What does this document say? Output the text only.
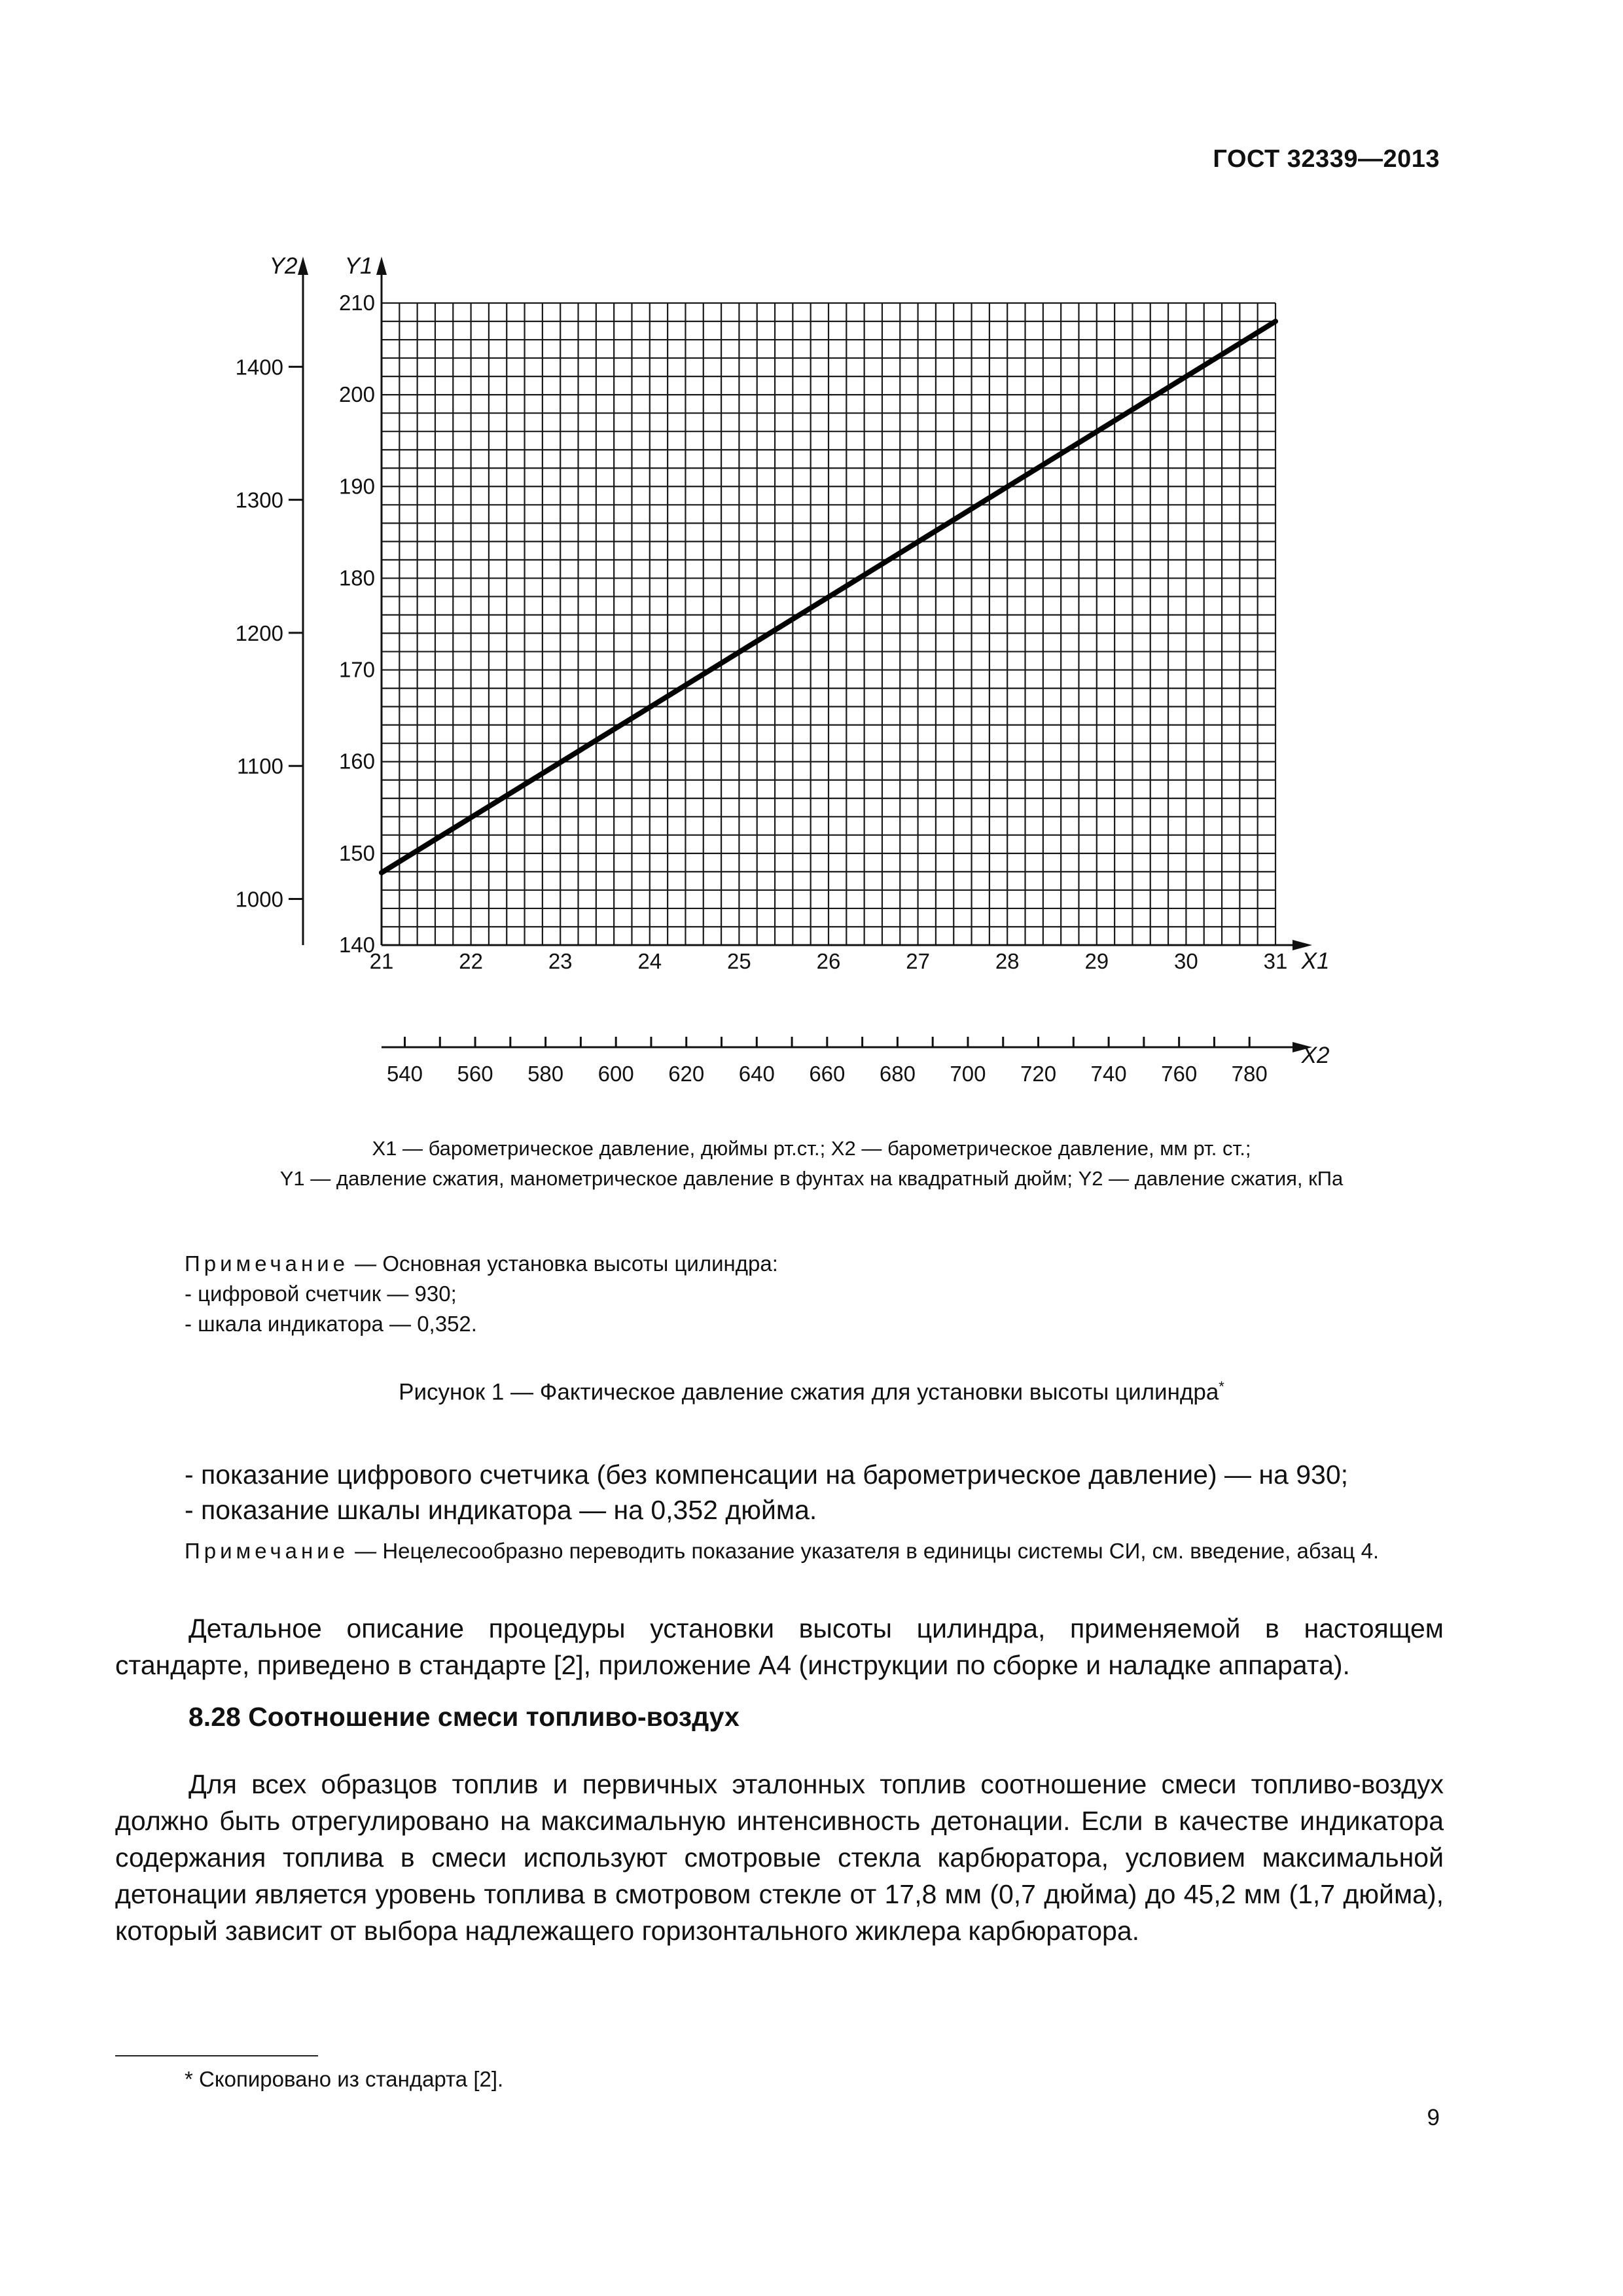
ГОСТ 32339—2013
140
150
160
170
180
190
200
210
1000
1100
1200
1300
1400
21	22	23	24	25	26	27	28	29	30	31
540 560 580 600 620 640 660 680 700 720 740 760 780
Y1
Y2
X1
X2
X1 — барометрическое давление, дюймы рт.ст.; X2 — барометрическое давление, мм рт. ст.;
Y1 — давление сжатия, манометрическое давление в фунтах на квадратный дюйм; Y2 — давление сжатия, кПа
Примечание — Основная установка высоты цилиндра:
- цифровой счетчик — 930;
- шкала индикатора — 0,352.
Рисунок 1 — Фактическое давление сжатия для установки высоты цилиндра*
- показание цифрового счетчика (без компенсации на барометрическое давление) — на 930;
- показание шкалы индикатора — на 0,352 дюйма.
Примечание — Нецелесообразно переводить показание указателя в единицы системы СИ, см. введение, абзац 4.
Детальное описание процедуры установки высоты цилиндра, применяемой в настоящем стандарте, приведено в стандарте [2], приложение А4 (инструкции по сборке и наладке аппарата).
8.28 Соотношение смеси топливо-воздух
Для всех образцов топлив и первичных эталонных топлив соотношение смеси топливо-воздух должно быть отрегулировано на максимальную интенсивность детонации. Если в качестве индикатора содержания топлива в смеси используют смотровые стекла карбюратора, условием максимальной детонации является уровень топлива в смотровом стекле от 17,8 мм (0,7 дюйма) до 45,2 мм (1,7 дюйма), который зависит от выбора надлежащего горизонтального жиклера карбюратора.
* Скопировано из стандарта [2].
9
